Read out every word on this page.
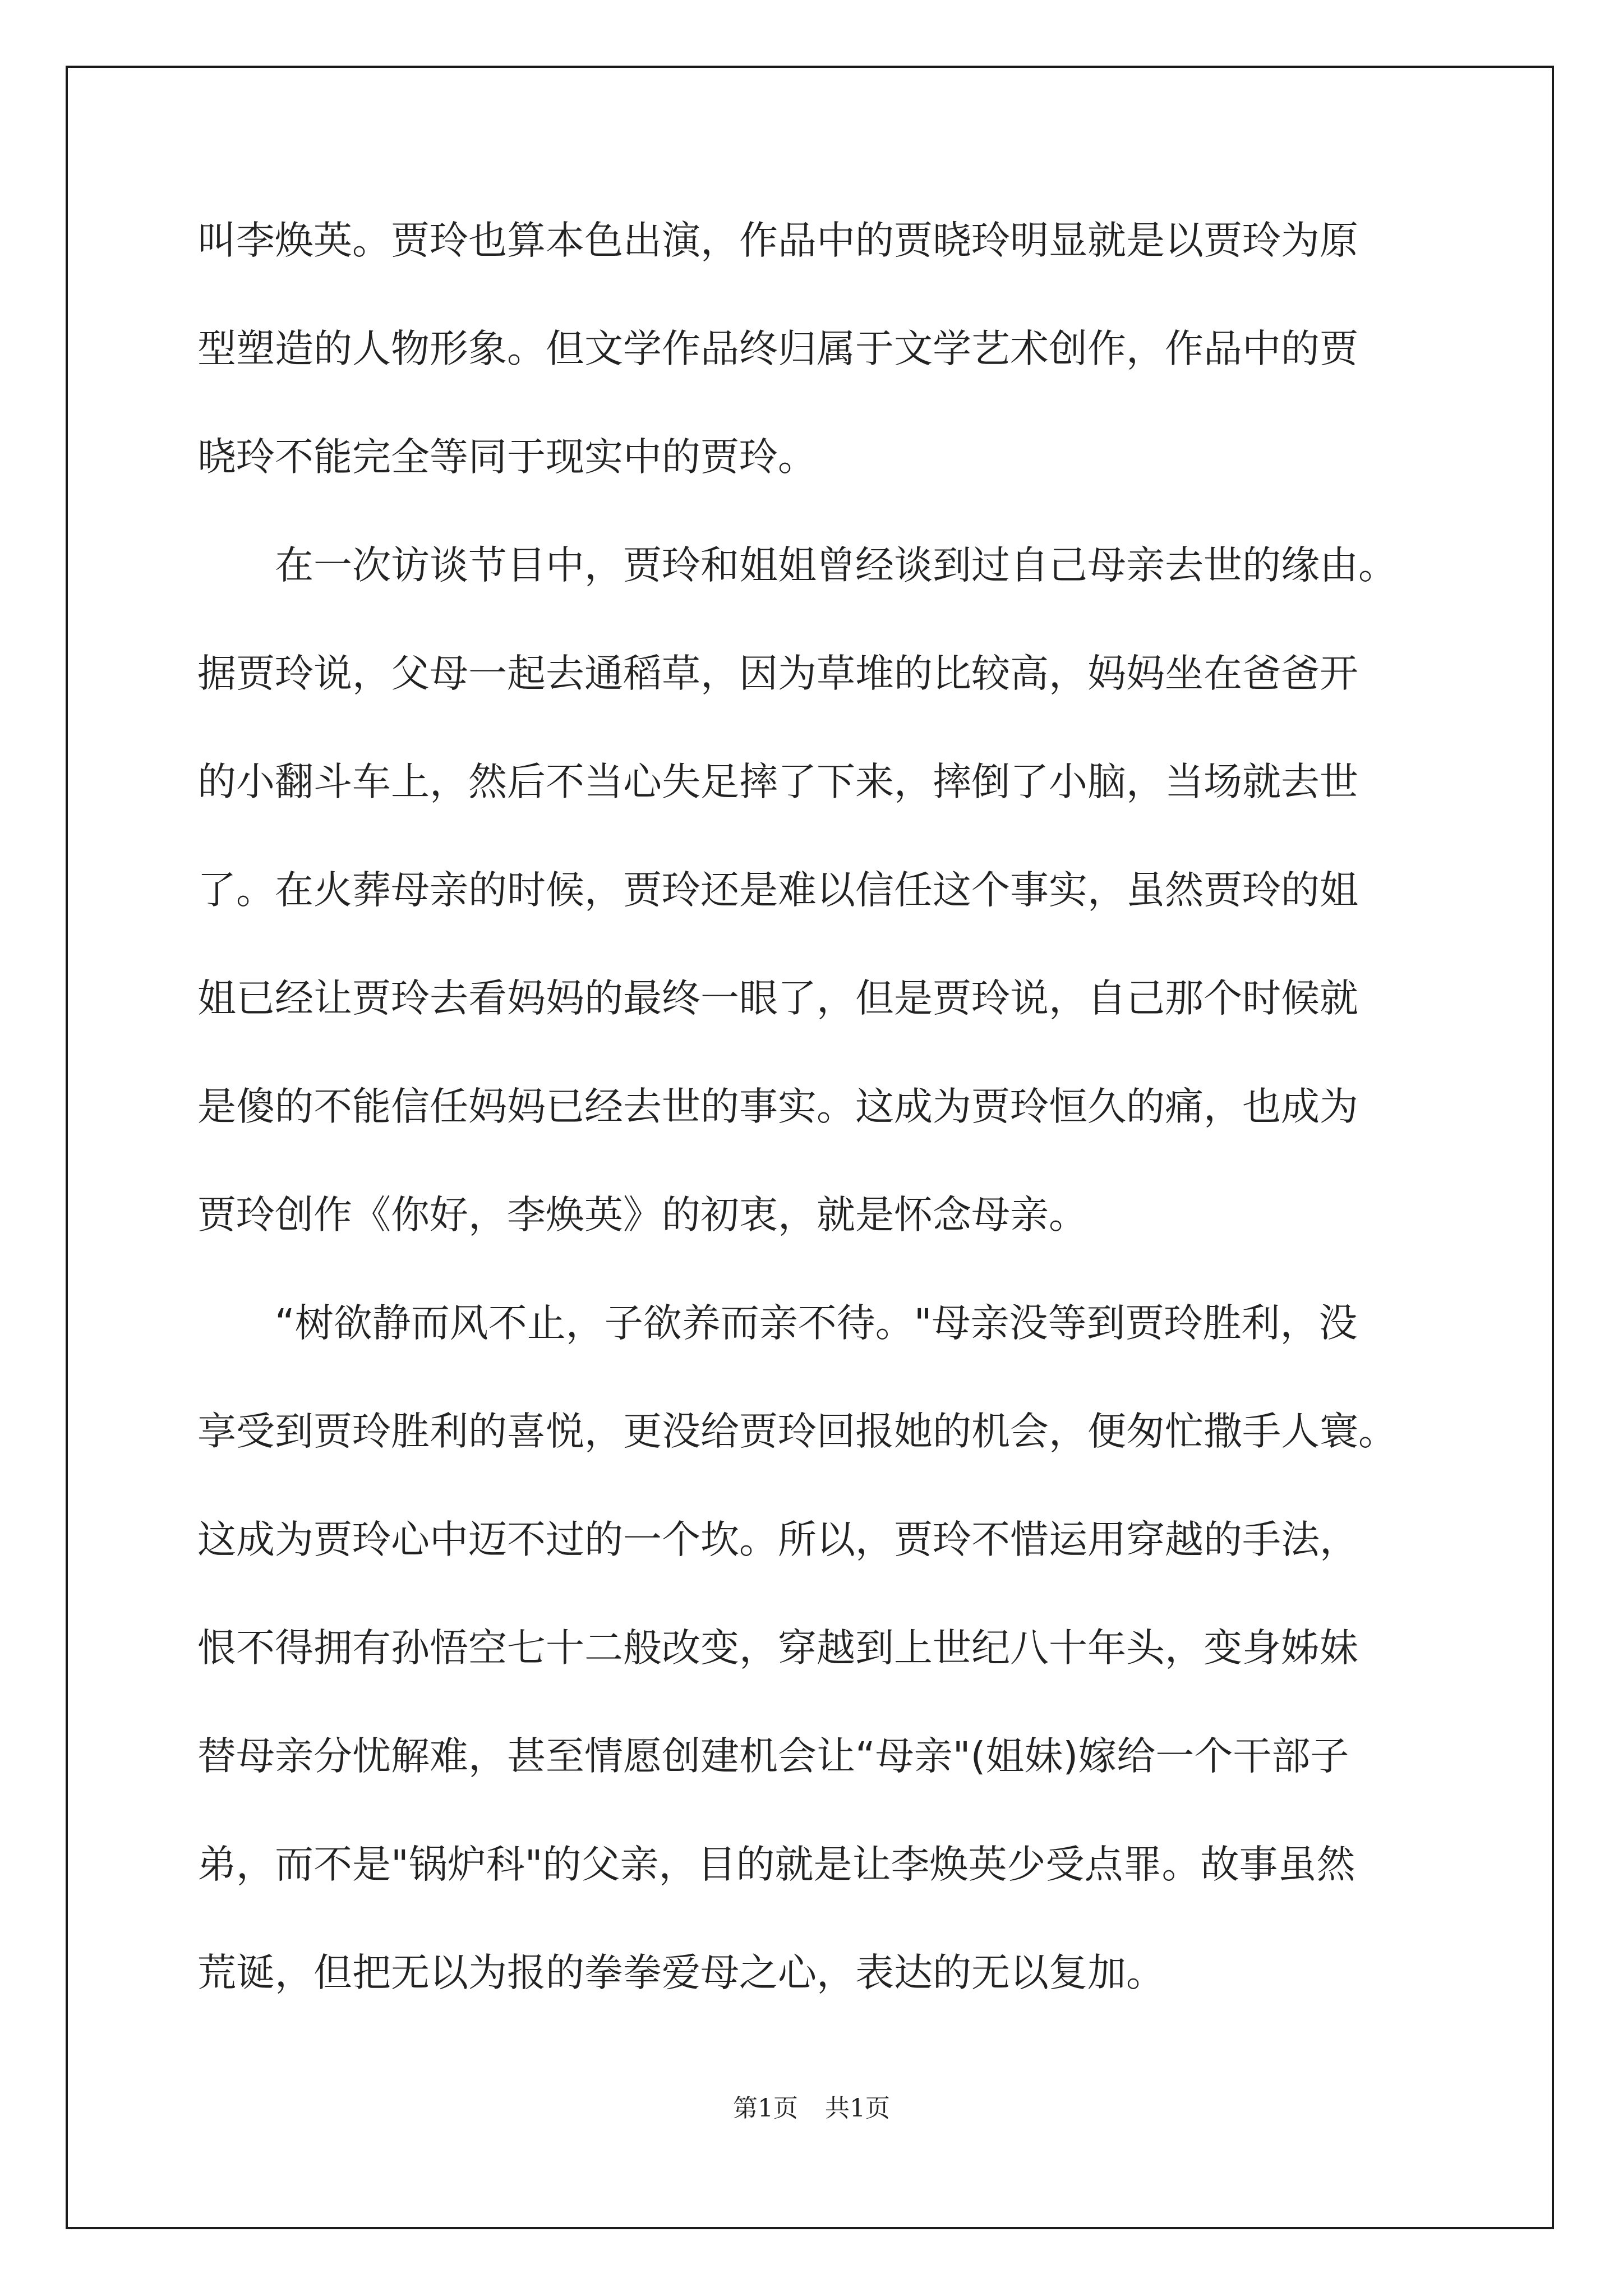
叫李焕英。贾玲也算本色出演，作品中的贾晓玲明显就是以贾玲为原
型塑造的人物形象。但文学作品终归属于文学艺术创作，作品中的贾
晓玲不能完全等同于现实中的贾玲。
　　在一次访谈节目中，贾玲和姐姐曾经谈到过自己母亲去世的缘由。
据贾玲说，父母一起去通稻草，因为草堆的比较高，妈妈坐在爸爸开
的小翻斗车上，然后不当心失足摔了下来，摔倒了小脑，当场就去世
了。在火葬母亲的时候，贾玲还是难以信任这个事实，虽然贾玲的姐
姐已经让贾玲去看妈妈的最终一眼了，但是贾玲说，自己那个时候就
是傻的不能信任妈妈已经去世的事实。这成为贾玲恒久的痛，也成为
贾玲创作《你好，李焕英》的初衷，就是怀念母亲。
　　“树欲静而风不止，子欲养而亲不待。"母亲没等到贾玲胜利，没
享受到贾玲胜利的喜悦，更没给贾玲回报她的机会，便匆忙撒手人寰。
这成为贾玲心中迈不过的一个坎。所以，贾玲不惜运用穿越的手法，
恨不得拥有孙悟空七十二般改变，穿越到上世纪八十年头，变身姊妹
替母亲分忧解难，甚至情愿创建机会让“母亲"(姐妹)嫁给一个干部子
弟，而不是"锅炉科"的父亲，目的就是让李焕英少受点罪。故事虽然
荒诞，但把无以为报的拳拳爱母之心，表达的无以复加。
第1页 共1页
